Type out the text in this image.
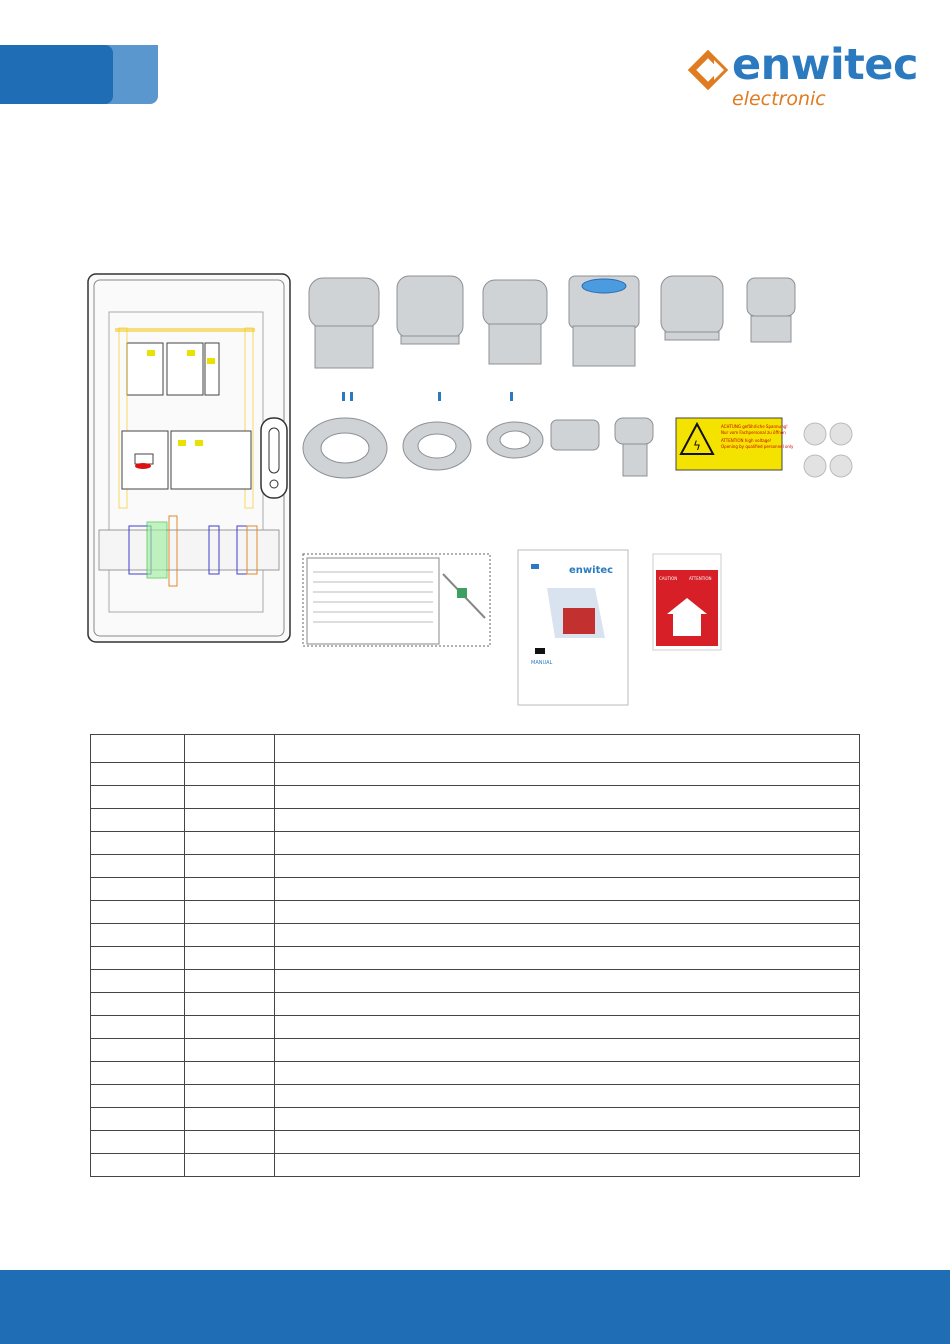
enwitec
electronic
ϟ
ACHTUNG gefährliche Spannung!
Nur vom Fachpersonal zu öffnen
ATTENTION high voltage!
Opening by qualified personnel only
enwitec
MANUAL
CAUTION	ATTENTION
